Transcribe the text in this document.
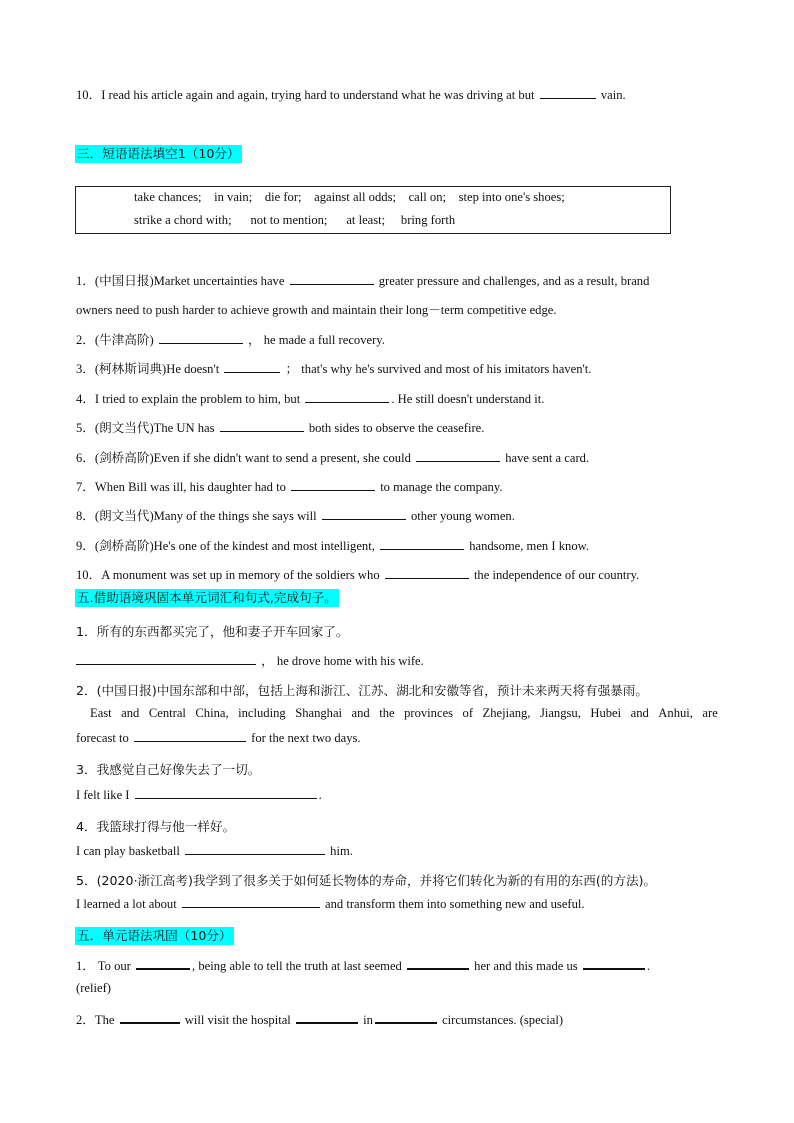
10．I read his article again and again, trying hard to understand what he was driving at but	vain.
三．短语语法填空1（10分）
take chances; in vain; die for; against all odds; call on; step into one's shoes;
strike a chord with; not to mention; at least; bring forth
1．(中国日报)Market uncertainties have	greater pressure and challenges, and as a result, brand
owners need to push harder to achieve growth and maintain their long－term competitive edge.
2．(牛津高阶)	， he made a full recovery.
3．(柯林斯词典)He doesn't	； that's why he's survived and most of his imitators haven't.
4．I tried to explain the problem to him, but	. He still doesn't understand it.
5．(朗文当代)The UN has	both sides to observe the ceasefire.
6．(剑桥高阶)Even if she didn't want to send a present, she could	have sent a card.
7．When Bill was ill, his daughter had to	to manage the company.
8．(朗文当代)Many of the things she says will	other young women.
9．(剑桥高阶)He's one of the kindest and most intelligent,	handsome, men I know.
10．A monument was set up in memory of the soldiers who	the independence of our country.
五.借助语境巩固本单元词汇和句式,完成句子。
1．所有的东西都买完了，他和妻子开车回家了。
， he drove home with his wife.
2．(中国日报)中国东部和中部，包括上海和浙江、江苏、湖北和安徽等省，预计未来两天将有强暴雨。
East and Central China, including Shanghai and the provinces of Zhejiang, Jiangsu, Hubei and Anhui, are
forecast to	for the next two days.
3．我感觉自己好像失去了一切。
I felt like I	.
4．我篮球打得与他一样好。
I can play basketball	him.
5．(2020·浙江高考)我学到了很多关于如何延长物体的寿命，并将它们转化为新的有用的东西(的方法)。
I learned a lot about	and transform them into something new and useful.
五．单元语法巩固（10分）
1． To our	, being able to tell the truth at last seemed	her and this made us	.
(relief)
2．The	will visit the hospital	in	circumstances. (special)
